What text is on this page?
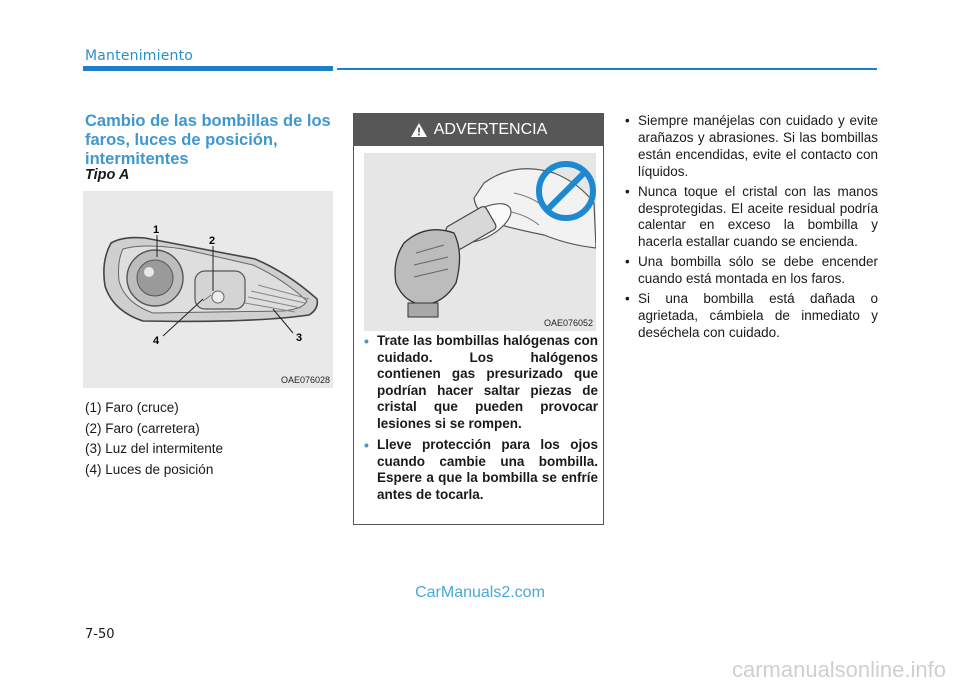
Mantenimiento
Cambio de las bombillas de los faros, luces de posición, intermitentes
Tipo A
1
2
3
4
OAE076028
(1) Faro (cruce)
(2) Faro (carretera)
(3) Luz del intermitente
(4) Luces de posición
ADVERTENCIA
OAE076052
• Trate las bombillas halógenas con cuidado. Los halógenos contienen gas presurizado que podrían hacer saltar piezas de cristal que pueden provocar lesiones si se rompen.
• Lleve protección para los ojos cuando cambie una bombilla. Espere a que la bombilla se enfríe antes de tocarla.
• Siempre manéjelas con cuidado y evite arañazos y abrasiones. Si las bombillas están encendidas, evite el contacto con líquidos.
• Nunca toque el cristal con las manos desprotegidas. El aceite residual podría calentar en exceso la bombilla y hacerla estallar cuando se encienda.
• Una bombilla sólo se debe encender cuando está montada en los faros.
• Si una bombilla está dañada o agrietada, cámbiela de inmediato y deséchela con cuidado.
CarManuals2.com
7-50
carmanualsonline.info
